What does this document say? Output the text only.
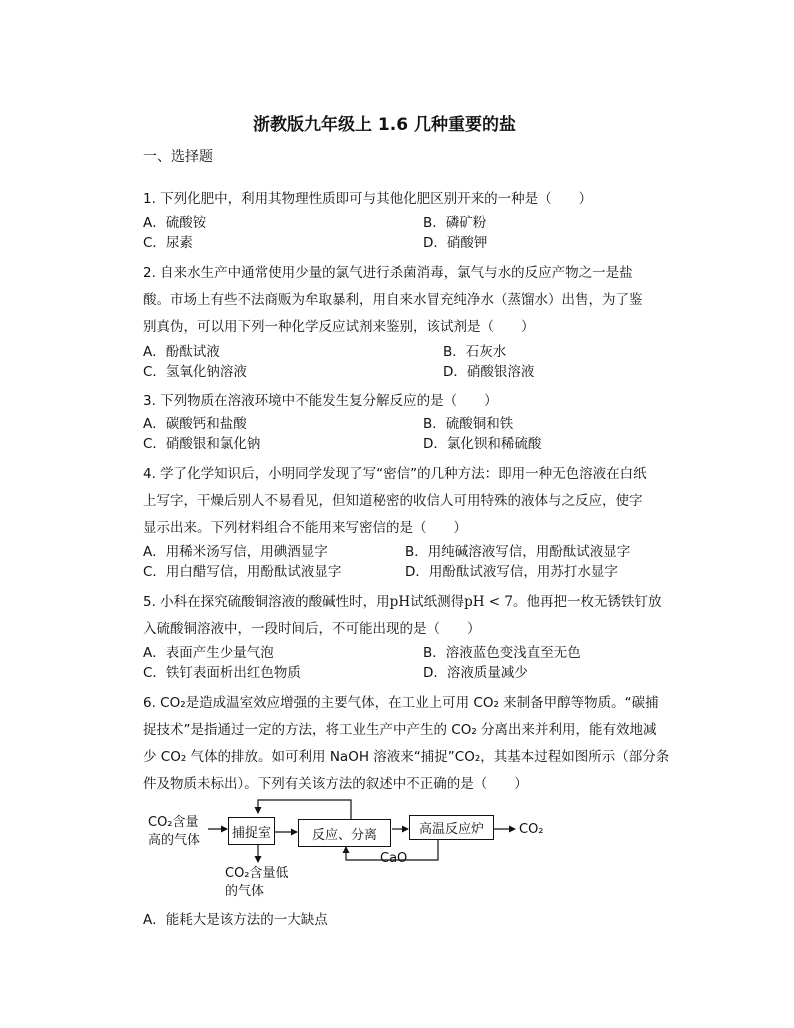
浙教版九年级上 1.6 几种重要的盐
一、选择题
1. 下列化肥中，利用其物理性质即可与其他化肥区别开来的一种是（　　）
A．硫酸铵	B．磷矿粉
C．尿素	D．硝酸钾
2. 自来水生产中通常使用少量的氯气进行杀菌消毒，氯气与水的反应产物之一是盐
酸。市场上有些不法商贩为牟取暴利，用自来水冒充纯净水（蒸馏水）出售，为了鉴
别真伪，可以用下列一种化学反应试剂来鉴别，该试剂是（　　）
A．酚酞试液	B．石灰水
C．氢氧化钠溶液	D．硝酸银溶液
3. 下列物质在溶液环境中不能发生复分解反应的是（　　）
A．碳酸钙和盐酸	B．硫酸铜和铁
C．硝酸银和氯化钠	D．氯化钡和稀硫酸
4. 学了化学知识后，小明同学发现了写“密信”的几种方法：即用一种无色溶液在白纸
上写字，干燥后别人不易看见，但知道秘密的收信人可用特殊的液体与之反应，使字
显示出来。下列材料组合不能用来写密信的是（　　）
A．用稀米汤写信，用碘酒显字	B．用纯碱溶液写信，用酚酞试液显字
C．用白醋写信，用酚酞试液显字	D．用酚酞试液写信，用苏打水显字
5. 小科在探究硫酸铜溶液的酸碱性时，用pH试纸测得pH < 7。他再把一枚无锈铁钉放
入硫酸铜溶液中，一段时间后，不可能出现的是（　　）
A．表面产生少量气泡	B．溶液蓝色变浅直至无色
C．铁钉表面析出红色物质	D．溶液质量减少
6. CO₂是造成温室效应增强的主要气体，在工业上可用 CO₂ 来制备甲醇等物质。“碳捕
捉技术”是指通过一定的方法，将工业生产中产生的 CO₂ 分离出来并利用，能有效地减
少 CO₂ 气体的排放。如可利用 NaOH 溶液来“捕捉”CO₂，其基本过程如图所示（部分条
件及物质未标出）。下列有关该方法的叙述中不正确的是（　　）
A．能耗大是该方法的一大缺点
CO₂含量
高的气体	捕捉室	反应、分离	高温反应炉	CO₂
CaO
CO₂含量低
的气体
